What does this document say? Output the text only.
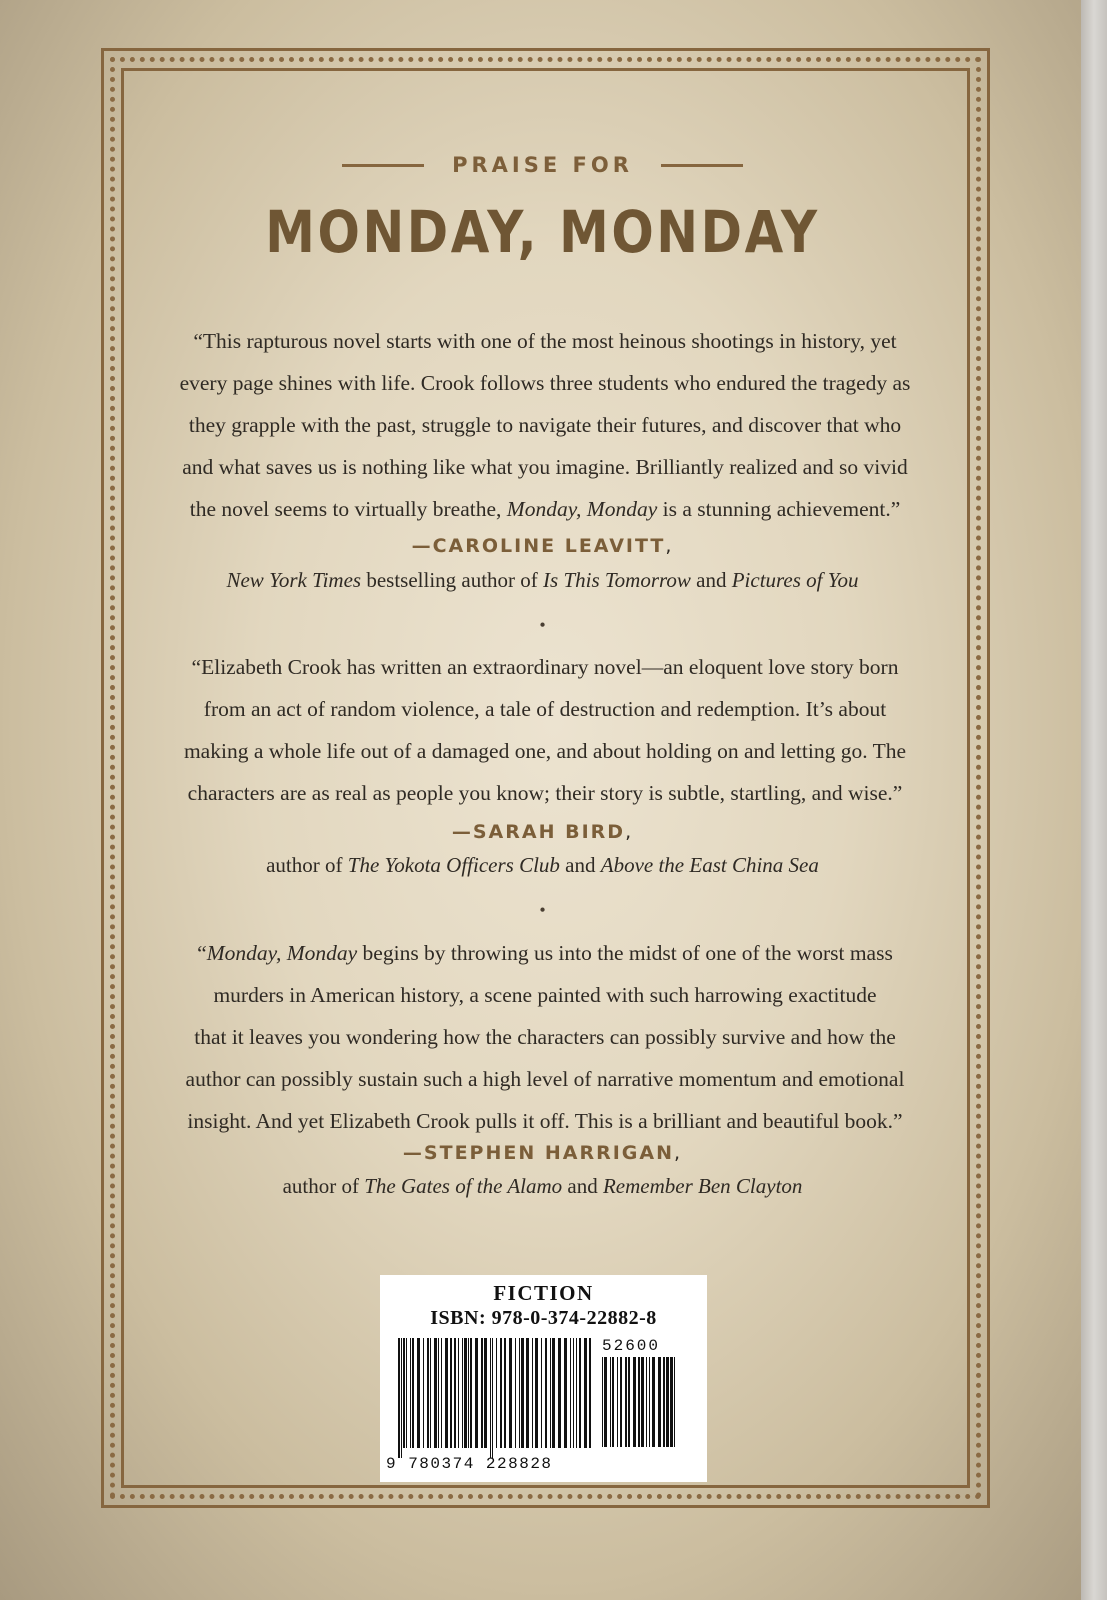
PRAISE FOR
MONDAY, MONDAY

“This rapturous novel starts with one of the most heinous shootings in history, yet
every page shines with life. Crook follows three students who endured the tragedy as
they grapple with the past, struggle to navigate their futures, and discover that who
and what saves us is nothing like what you imagine. Brilliantly realized and so vivid
the novel seems to virtually breathe, Monday, Monday is a stunning achievement.”

—CAROLINE LEAVITT,
New York Times bestselling author of Is This Tomorrow and Pictures of You
•

“Elizabeth Crook has written an extraordinary novel—an eloquent love story born
from an act of random violence, a tale of destruction and redemption. It’s about
making a whole life out of a damaged one, and about holding on and letting go. The
characters are as real as people you know; their story is subtle, startling, and wise.”

—SARAH BIRD,
author of The Yokota Officers Club and Above the East China Sea
•

“Monday, Monday begins by throwing us into the midst of one of the worst mass
murders in American history, a scene painted with such harrowing exactitude
that it leaves you wondering how the characters can possibly survive and how the
author can possibly sustain such a high level of narrative momentum and emotional
insight. And yet Elizabeth Crook pulls it off. This is a brilliant and beautiful book.”

—STEPHEN HARRIGAN,
author of The Gates of the Alamo and Remember Ben Clayton
FICTION
ISBN: 978-0-374-22882-8
52600
9 780374 228828
